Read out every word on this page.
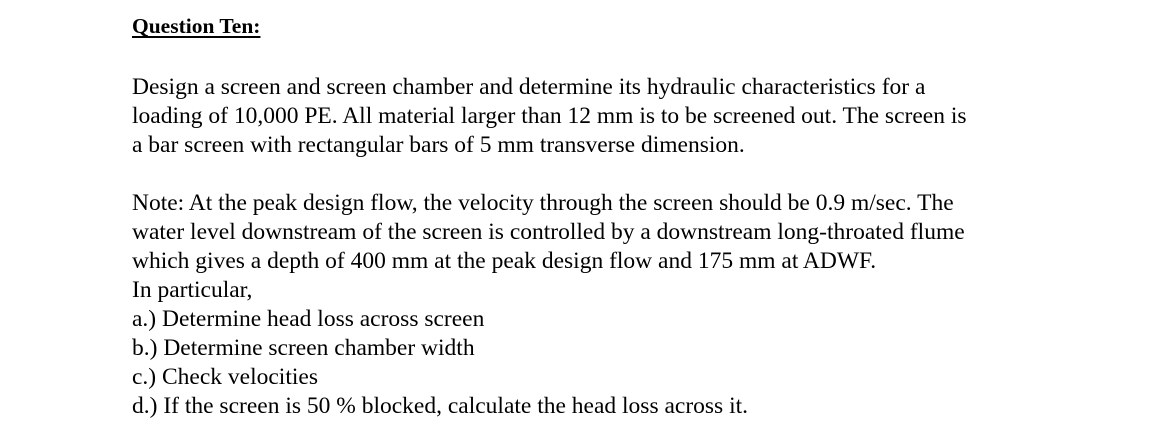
Question Ten:
Design a screen and screen chamber and determine its hydraulic characteristics for a
loading of 10,000 PE. All material larger than 12 mm is to be screened out. The screen is
a bar screen with rectangular bars of 5 mm transverse dimension.
Note: At the peak design flow, the velocity through the screen should be 0.9 m/sec. The
water level downstream of the screen is controlled by a downstream long-throated flume
which gives a depth of 400 mm at the peak design flow and 175 mm at ADWF.
In particular,
a.) Determine head loss across screen
b.) Determine screen chamber width
c.) Check velocities
d.) If the screen is 50 % blocked, calculate the head loss across it.
